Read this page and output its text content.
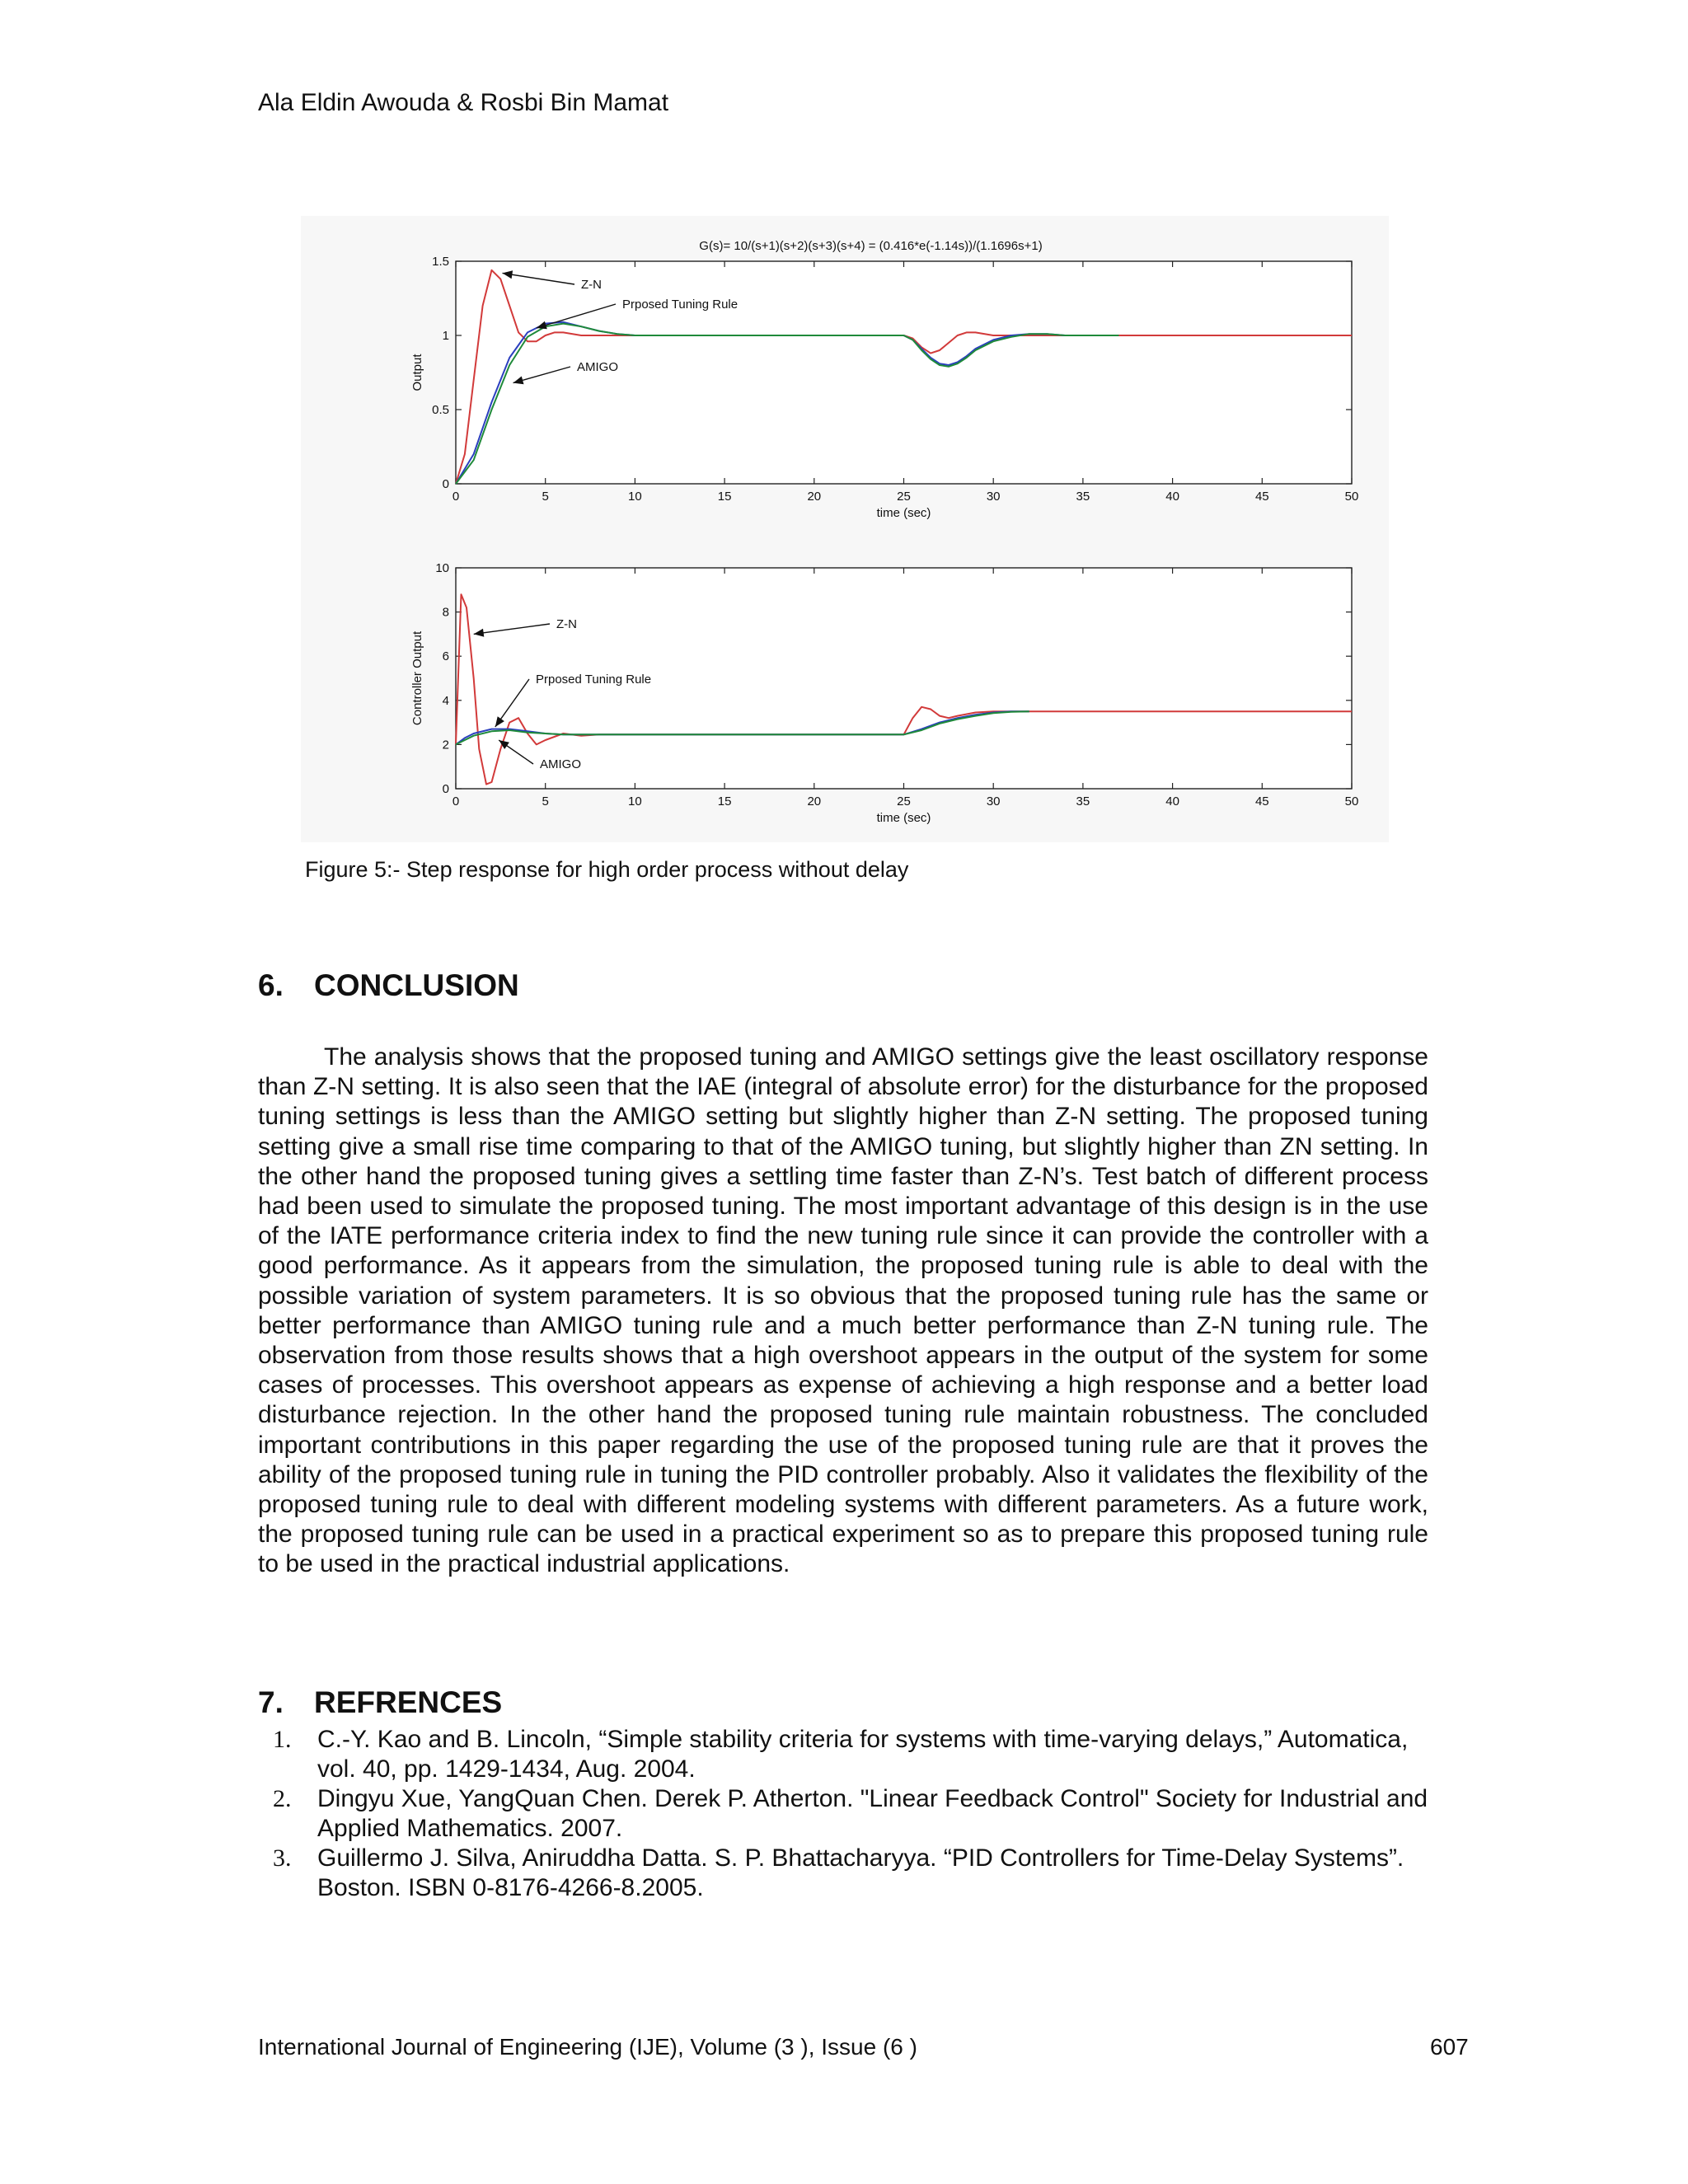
Ala Eldin Awouda & Rosbi Bin Mamat
0	5	10	15	20	25	30	35	40	45	50
0
0.5
1
1.5
time (sec)
Output
G(s)= 10/(s+1)(s+2)(s+3)(s+4) = (0.416*e(-1.14s))/(1.1696s+1)
Z-N
Prposed Tuning Rule
AMIGO
0	5	10	15	20	25	30	35	40	45	50
0
2
4
6
8
10
time (sec)
Controller Output
Z-N
Prposed Tuning Rule
AMIGO
Figure 5:- Step response for high order process without delay
6. CONCLUSION

The analysis shows that the proposed tuning and AMIGO settings give the least oscillatory response than Z-N setting. It is also seen that the IAE (integral of absolute error) for the disturbance for the proposed tuning settings is less than the AMIGO setting but slightly higher than Z-N setting. The proposed tuning setting give a small rise time comparing to that of the AMIGO tuning, but slightly higher than ZN setting. In the other hand the proposed tuning gives a settling time faster than Z-N’s. Test batch of different process had been used to simulate the proposed tuning. The most important advantage of this design is in the use of the IATE performance criteria index to find the new tuning rule since it can provide the controller with a good performance. As it appears from the simulation, the proposed tuning rule is able to deal with the possible variation of system parameters. It is so obvious that the proposed tuning rule has the same or better performance than AMIGO tuning rule and a much better performance than Z-N tuning rule. The observation from those results shows that a high overshoot appears in the output of the system for some cases of processes. This overshoot appears as expense of achieving a high response and a better load disturbance rejection. In the other hand the proposed tuning rule maintain robustness. The concluded important contributions in this paper regarding the use of the proposed tuning rule are that it proves the ability of the proposed tuning rule in tuning the PID controller probably. Also it validates the flexibility of the proposed tuning rule to deal with different modeling systems with different parameters. As a future work, the proposed tuning rule can be used in a practical experiment so as to prepare this proposed tuning rule to be used in the practical industrial applications.

7. REFRENCES
1. C.-Y. Kao and B. Lincoln, “Simple stability criteria for systems with time-varying delays,” Automatica, vol. 40, pp. 1429-1434, Aug. 2004.
2. Dingyu Xue, YangQuan Chen. Derek P. Atherton. "Linear Feedback Control" Society for Industrial and Applied Mathematics. 2007.
3. Guillermo J. Silva, Aniruddha Datta. S. P. Bhattacharyya. “PID Controllers for Time-Delay Systems”. Boston. ISBN 0-8176-4266-8.2005.
International Journal of Engineering (IJE), Volume (3 ), Issue (6 )	607
